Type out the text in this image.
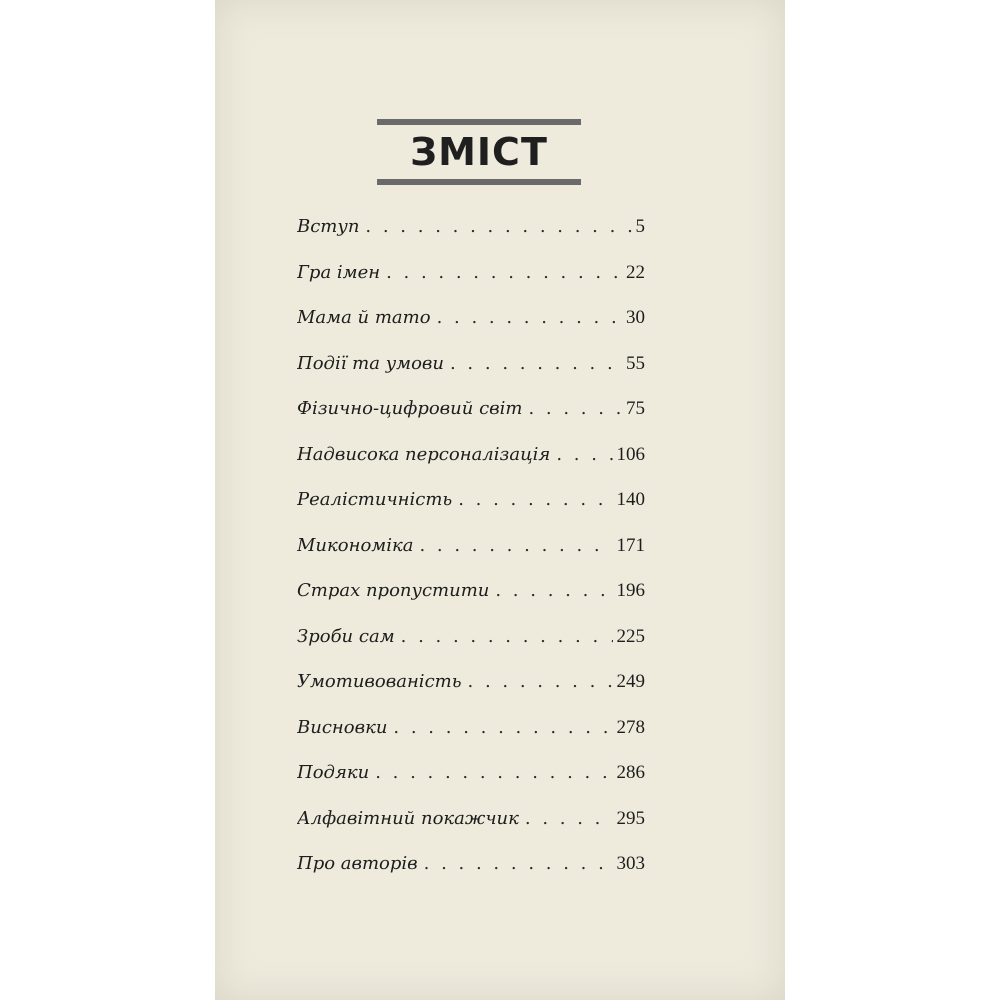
ЗМІСТ
Вступ . . .	5
Гра імен . . .	22
Мама й тато . . .	30
Події та умови . . .	55
Фізично-цифровий світ . . .	75
Надвисока персоналізація . . .	106
Реалістичність . . .	140
Микономіка . . .	171
Страх пропустити . . .	196
Зроби сам . . .	225
Умотивованість . . .	249
Висновки . . .	278
Подяки . . .	286
Алфавітний покажчик . . .	295
Про авторів . . .	303
